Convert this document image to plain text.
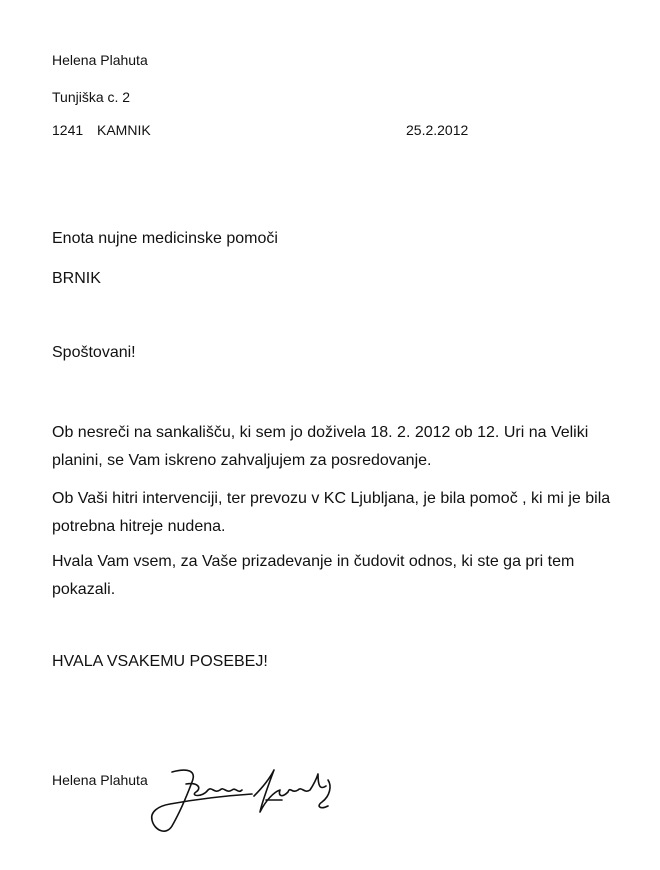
Helena Plahuta
Tunjiška c. 2
1241 KAMNIK	25.2.2012
Enota nujne medicinske pomoči
BRNIK
Spoštovani!
Ob nesreči na sankališču, ki sem jo doživela 18. 2. 2012 ob 12. Uri na Veliki planini, se Vam iskreno zahvaljujem za posredovanje.
Ob Vaši hitri intervenciji, ter prevozu v KC Ljubljana, je bila pomoč , ki mi je bila potrebna hitreje nudena.
Hvala Vam vsem, za Vaše prizadevanje in čudovit odnos, ki ste ga pri tem pokazali.
HVALA VSAKEMU POSEBEJ!
Helena Plahuta
